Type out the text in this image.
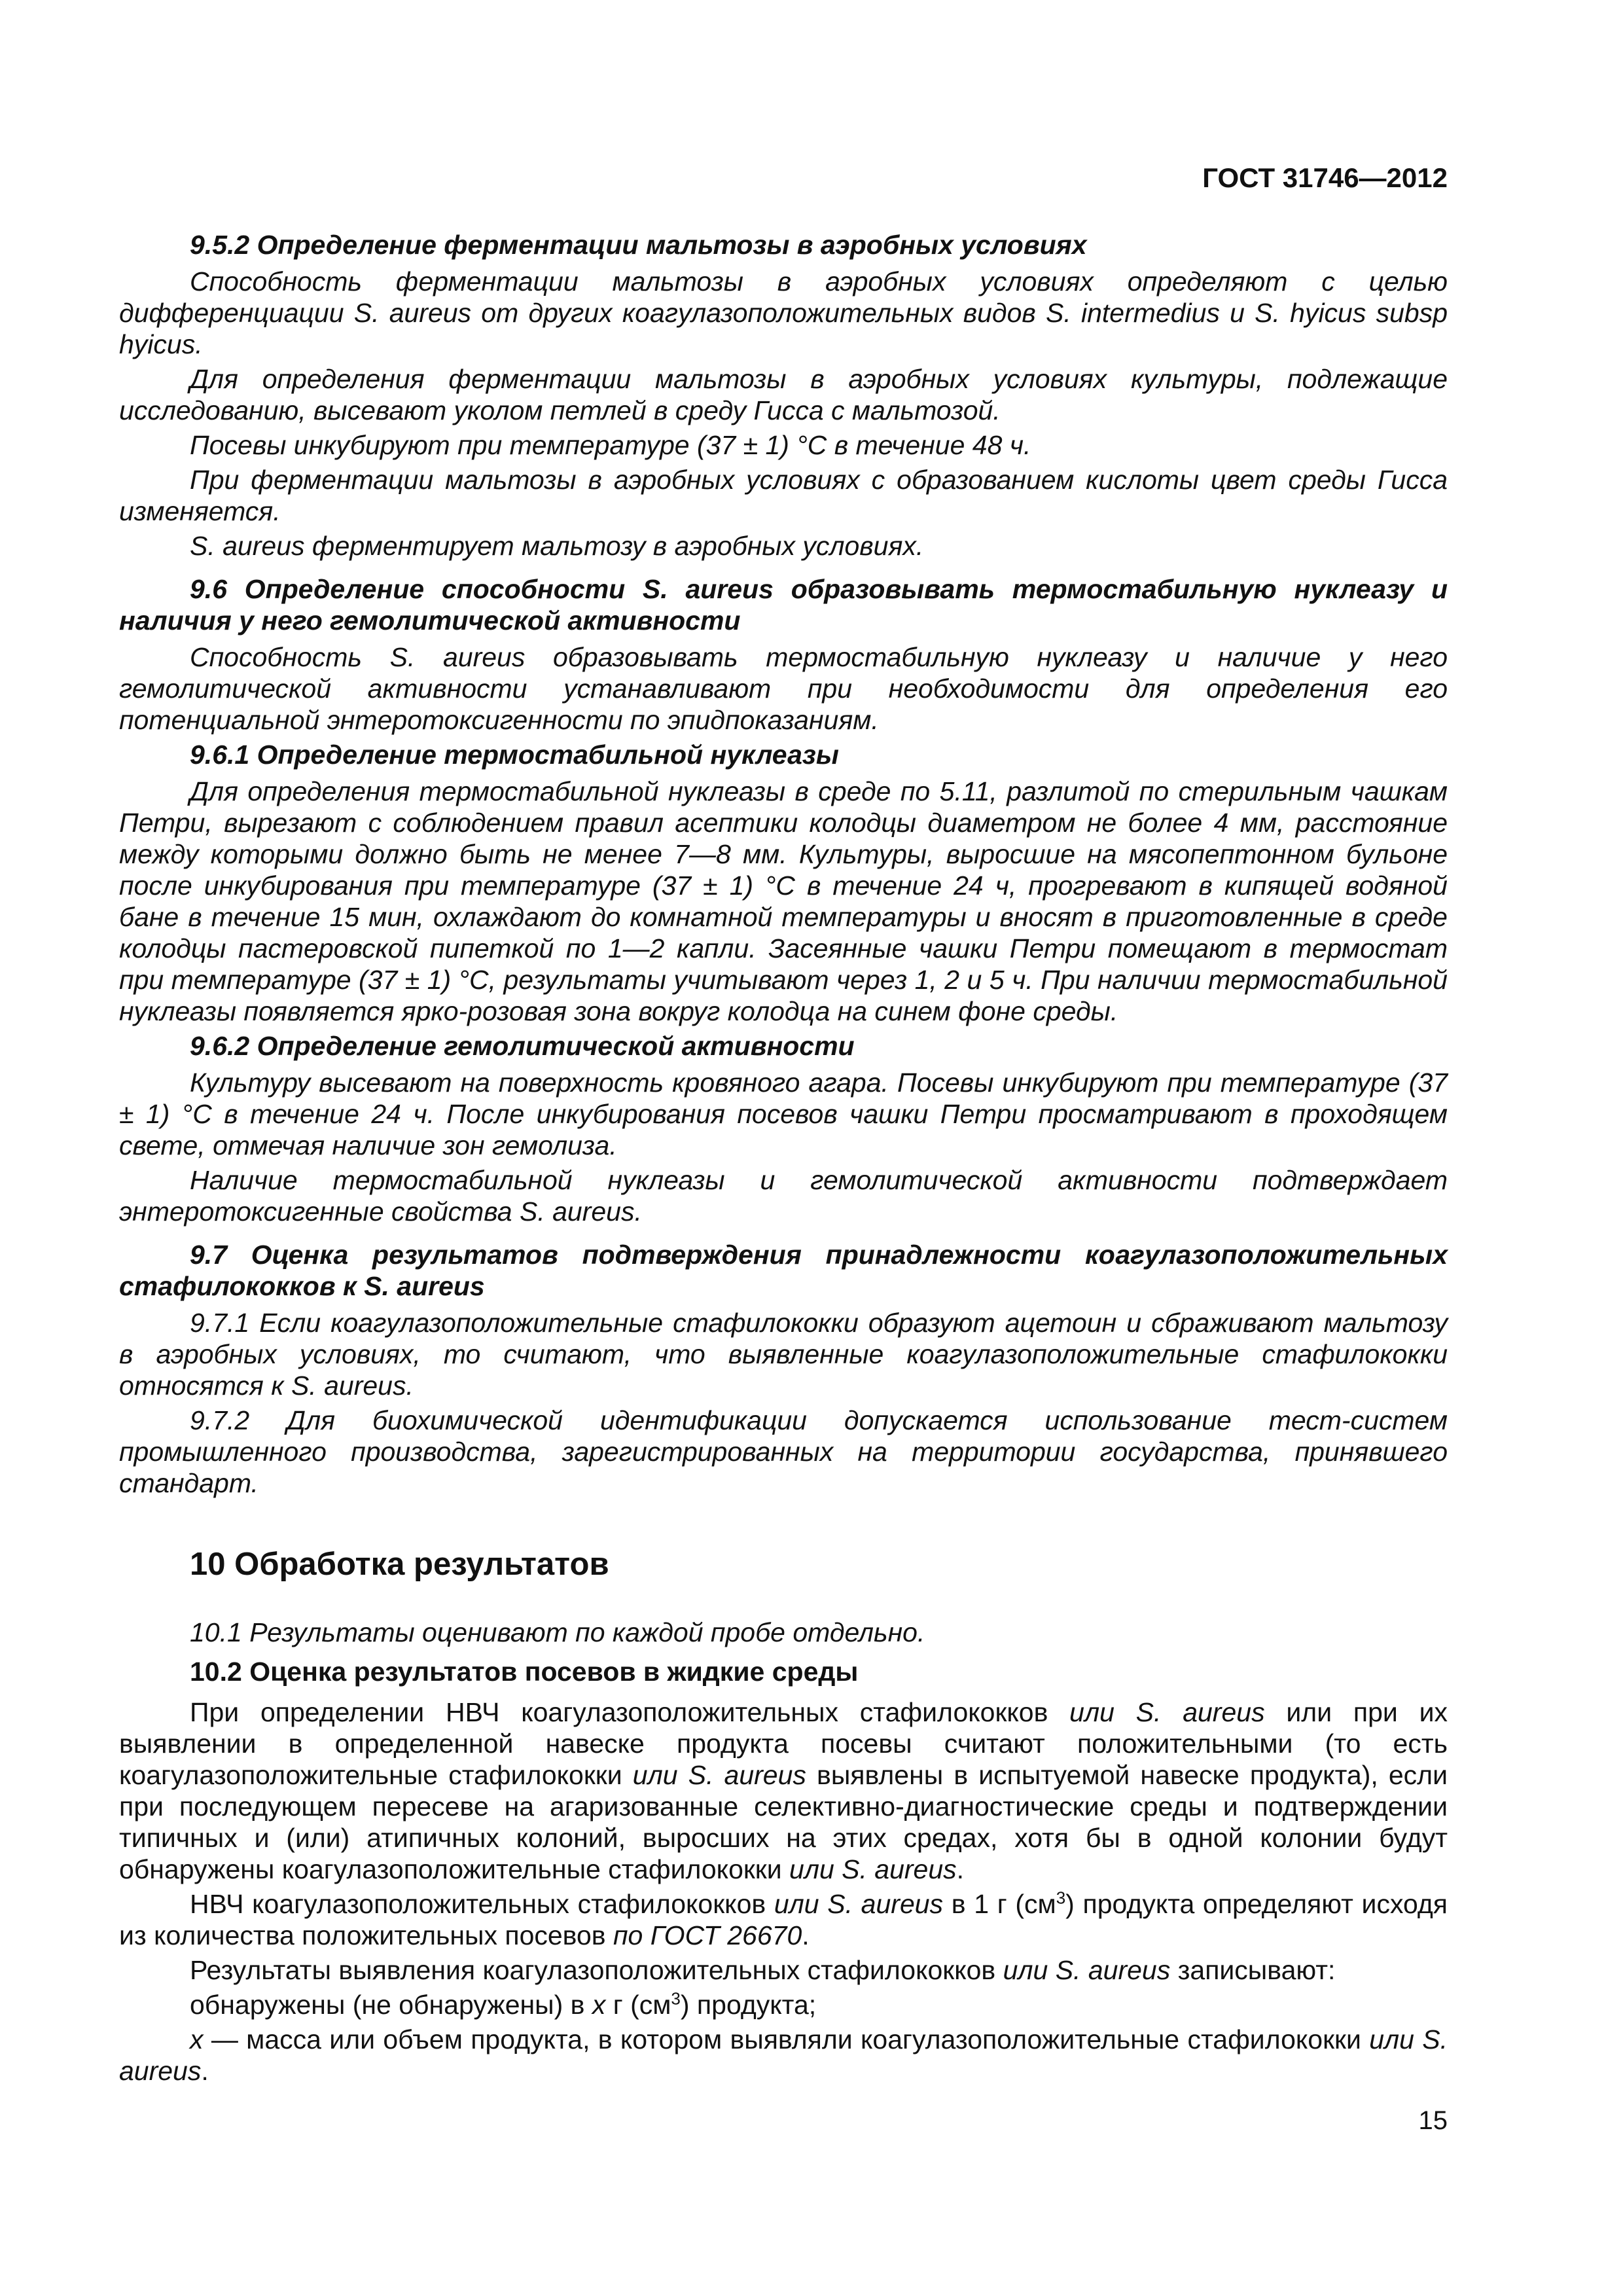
ГОСТ 31746—2012
9.5.2 Определение ферментации мальтозы в аэробных условиях

Способность ферментации мальтозы в аэробных условиях определяют с целью дифференциации S. aureus от других коагулазоположительных видов S. intermedius и S. hyicus subsp hyicus.

Для определения ферментации мальтозы в аэробных условиях культуры, подлежащие исследованию, высевают уколом петлей в среду Гисса с мальтозой.

Посевы инкубируют при температуре (37 ± 1) °С в течение 48 ч.

При ферментации мальтозы в аэробных условиях с образованием кислоты цвет среды Гисса изменяется.

S. aureus ферментирует мальтозу в аэробных условиях.

9.6 Определение способности S. aureus образовывать термостабильную нуклеазу и наличия у него гемолитической активности

Способность S. aureus образовывать термостабильную нуклеазу и наличие у него гемолитической активности устанавливают при необходимости для определения его потенциальной энтеротоксигенности по эпидпоказаниям.

9.6.1 Определение термостабильной нуклеазы

Для определения термостабильной нуклеазы в среде по 5.11, разлитой по стерильным чашкам Петри, вырезают с соблюдением правил асептики колодцы диаметром не более 4 мм, расстояние между которыми должно быть не менее 7—8 мм. Культуры, выросшие на мясопептонном бульоне после инкубирования при температуре (37 ± 1) °С в течение 24 ч, прогревают в кипящей водяной бане в течение 15 мин, охлаждают до комнатной температуры и вносят в приготовленные в среде колодцы пастеровской пипеткой по 1—2 капли. Засеянные чашки Петри помещают в термостат при температуре (37 ± 1) °С, результаты учитывают через 1, 2 и 5 ч. При наличии термостабильной нуклеазы появляется ярко-розовая зона вокруг колодца на синем фоне среды.

9.6.2 Определение гемолитической активности

Культуру высевают на поверхность кровяного агара. Посевы инкубируют при температуре (37 ± 1) °С в течение 24 ч. После инкубирования посевов чашки Петри просматривают в проходящем свете, отмечая наличие зон гемолиза.

Наличие термостабильной нуклеазы и гемолитической активности подтверждает энтеротоксигенные свойства S. aureus.

9.7 Оценка результатов подтверждения принадлежности коагулазоположительных стафилококков к S. aureus

9.7.1 Если коагулазоположительные стафилококки образуют ацетоин и сбраживают мальтозу в аэробных условиях, то считают, что выявленные коагулазоположительные стафилококки относятся к S. aureus.

9.7.2 Для биохимической идентификации допускается использование тест-систем промышленного производства, зарегистрированных на территории государства, принявшего стандарт.

10 Обработка результатов

10.1 Результаты оценивают по каждой пробе отдельно.

10.2 Оценка результатов посевов в жидкие среды

При определении НВЧ коагулазоположительных стафилококков или S. aureus или при их выявлении в определенной навеске продукта посевы считают положительными (то есть коагулазоположительные стафилококки или S. aureus выявлены в испытуемой навеске продукта), если при последующем пересеве на агаризованные селективно-диагностические среды и подтверждении типичных и (или) атипичных колоний, выросших на этих средах, хотя бы в одной колонии будут обнаружены коагулазоположительные стафилококки или S. aureus.

НВЧ коагулазоположительных стафилококков или S. aureus в 1 г $(см^3)$ продукта определяют исходя из количества положительных посевов по ГОСТ 26670.

Результаты выявления коагулазоположительных стафилококков или S. aureus записывают:

обнаружены (не обнаружены) в x г $(см^3)$ продукта;

x — масса или объем продукта, в котором выявляли коагулазоположительные стафилококки или S. aureus.

15
